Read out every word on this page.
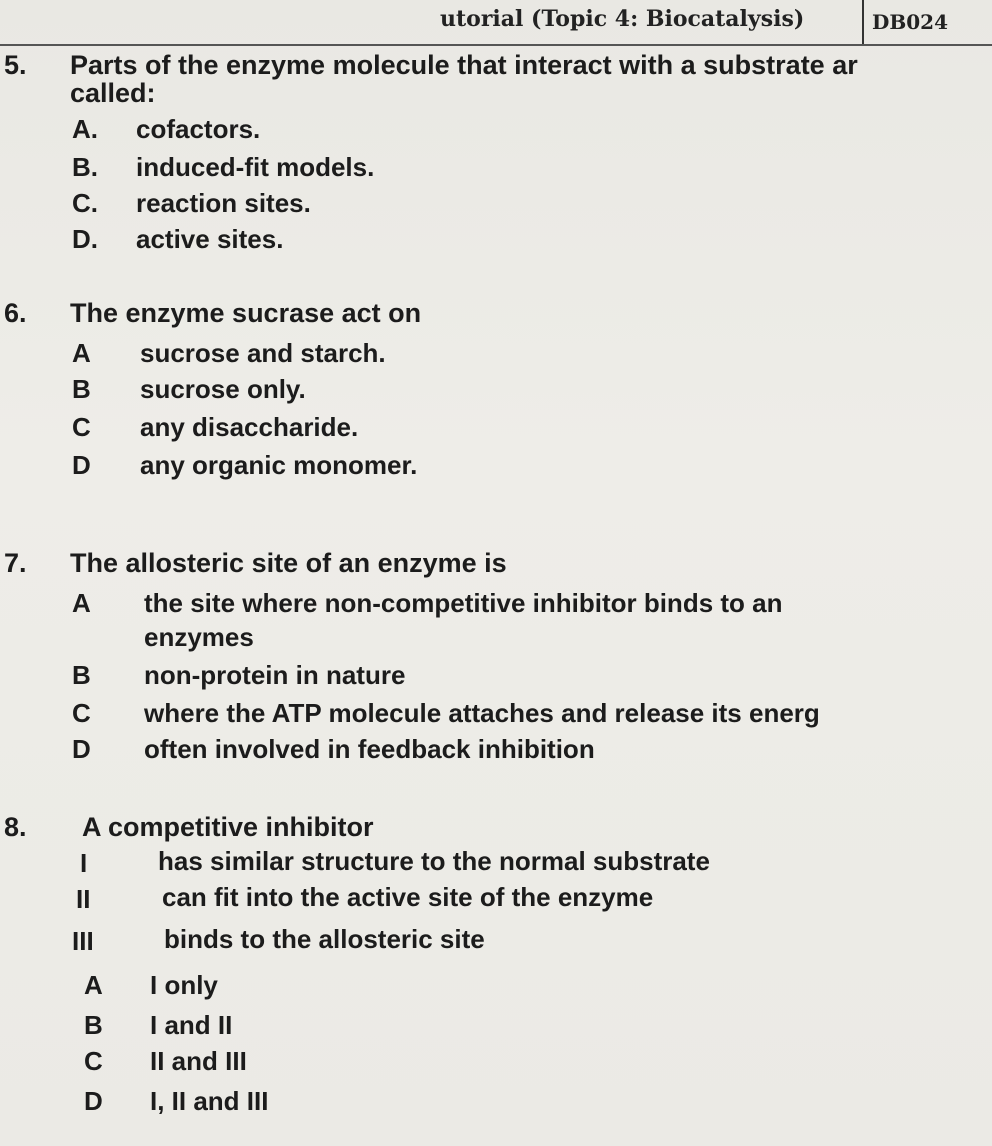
utorial (Topic 4: Biocatalysis)	DB024
5. Parts of the enzyme molecule that interact with a substrate ar
called:
A. cofactors.
B. induced-fit models.
C. reaction sites.
D. active sites.
6. The enzyme sucrase act on
A sucrose and starch.
B sucrose only.
C any disaccharide.
D any organic monomer.
7. The allosteric site of an enzyme is
A the site where non-competitive inhibitor binds to an
enzymes
B non-protein in nature
C where the ATP molecule attaches and release its energ
D often involved in feedback inhibition
8. A competitive inhibitor
I	has similar structure to the normal substrate
II	can fit into the active site of the enzyme
III	binds to the allosteric site
A I only
B I and II
C II and III
D I, II and III
